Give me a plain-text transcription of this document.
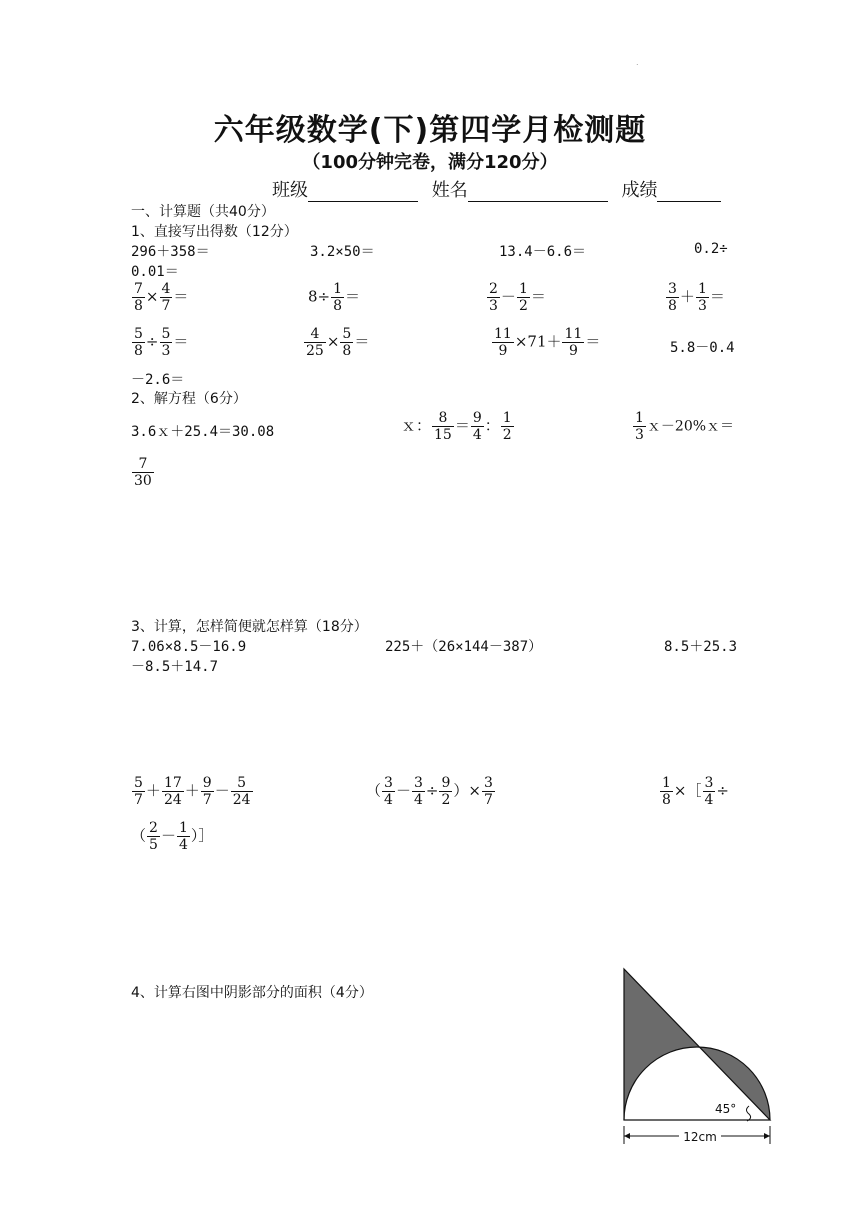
.
六年级数学(下)第四学月检测题
（100分钟完卷，满分120分）
班级	姓名	成绩
一、计算题（共40分）
1、直接写出得数（12分）
296＋358＝	3.2×50＝	13.4－6.6＝	0.2÷
0.01＝
$\frac{7}{8} \times \frac{4}{7}$ ＝	$8\div \frac{1}{8}$ ＝	$\frac{2}{3} - \frac{1}{2}$ ＝	$\frac{3}{8} + \frac{1}{3}$ ＝
$\frac{5}{8} \div \frac{5}{3}$ ＝	$\frac{4}{25} \times \frac{5}{8}$ ＝	$\frac{11}{9} \times 71+ \frac{11}{9}$ ＝	5.8－0.4
－2.6＝
2、解方程（6分）
3.6ｘ＋25.4＝30.08	ｘ： $\frac{8}{15} = \frac{9}{4}$ ： $\frac{1}{2}$	$\frac{1}{3}$ ｘ－20%ｘ＝
$\frac{7}{30}$
3、计算，怎样简便就怎样算（18分）
7.06×8.5－16.9	225＋（26×144－387）	8.5＋25.3
－8.5＋14.7
$\frac{5}{7} + \frac{17}{24} + \frac{9}{7} - \frac{5}{24}$	（ $\frac{3}{4} - \frac{3}{4} \div \frac{9}{2}$ ）× $\frac{3}{7}$	$\frac{1}{8}$ ×［ $\frac{3}{4}$ ÷
（ $\frac{2}{5} - \frac{1}{4}$ ）］
4、计算右图中阴影部分的面积（4分）
45°
12cm
